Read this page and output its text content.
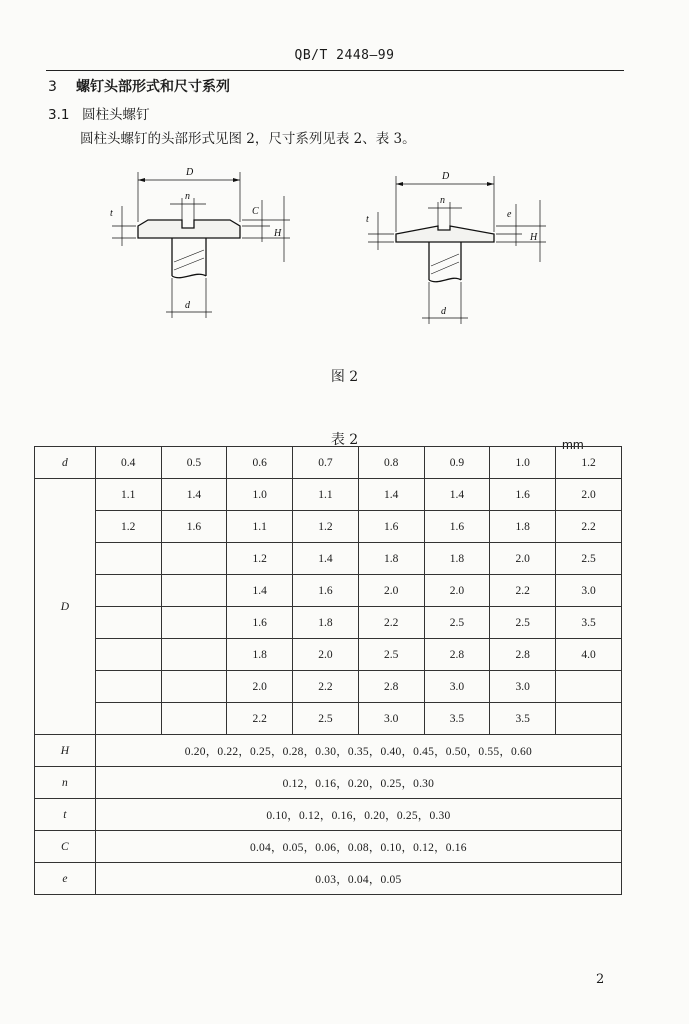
QB/T 2448—99
3 螺钉头部形式和尺寸系列
3.1 圆柱头螺钉
圆柱头螺钉的头部形式见图 2，尺寸系列见表 2、表 3。
D
n
t	C
H
d
D
n
t	e
H
d
图 2
表 2	mm
d	0.4	0.5	0.6	0.7	0.8	0.9	1.0	1.2
D	1.1	1.4	1.0	1.1	1.4	1.4	1.6	2.0
	1.2	1.6	1.1	1.2	1.6	1.6	1.8	2.2
			1.2	1.4	1.8	1.8	2.0	2.5
			1.4	1.6	2.0	2.0	2.2	3.0
			1.6	1.8	2.2	2.5	2.5	3.5
			1.8	2.0	2.5	2.8	2.8	4.0
			2.0	2.2	2.8	3.0	3.0	
			2.2	2.5	3.0	3.5	3.5	
H	0.20，0.22，0.25，0.28，0.30，0.35，0.40，0.45，0.50，0.55，0.60							
n	0.12，0.16，0.20，0.25，0.30							
t	0.10，0.12，0.16，0.20，0.25，0.30							
C	0.04，0.05，0.06，0.08，0.10，0.12，0.16							
e	0.03，0.04，0.05							
2
